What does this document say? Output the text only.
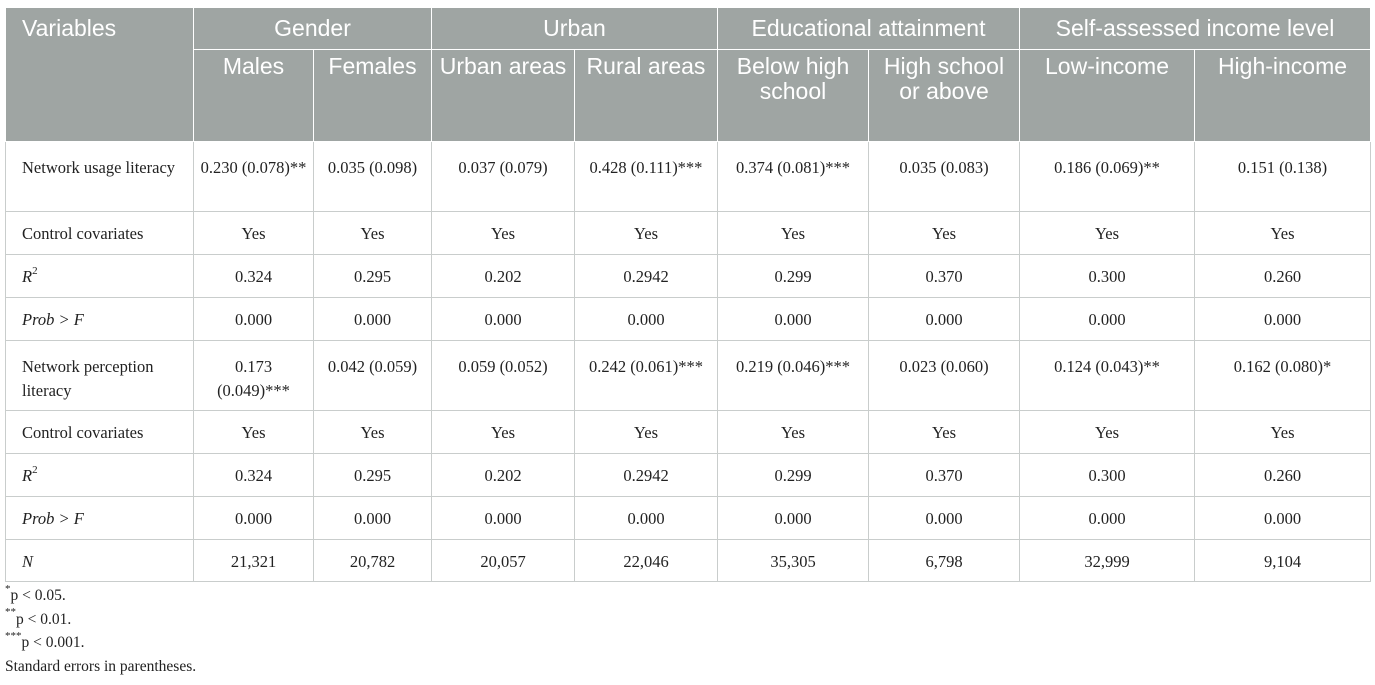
Variables	Gender		Urban		Educational attainment		Self-assessed income level	
	Males	Females	Urban areas	Rural areas	Below high school	High school or above	Low-income	High-income
Network usage literacy	0.230 (0.078)**	0.035 (0.098)	0.037 (0.079)	0.428 (0.111)***	0.374 (0.081)***	0.035 (0.083)	0.186 (0.069)**	0.151 (0.138)
Control covariates	Yes	Yes	Yes	Yes	Yes	Yes	Yes	Yes
$R^2$	0.324	0.295	0.202	0.2942	0.299	0.370	0.300	0.260
Prob > F	0.000	0.000	0.000	0.000	0.000	0.000	0.000	0.000
Network perception literacy	0.173 (0.049)***	0.042 (0.059)	0.059 (0.052)	0.242 (0.061)***	0.219 (0.046)***	0.023 (0.060)	0.124 (0.043)**	0.162 (0.080)*
Control covariates	Yes	Yes	Yes	Yes	Yes	Yes	Yes	Yes
$R^2$	0.324	0.295	0.202	0.2942	0.299	0.370	0.300	0.260
Prob > F	0.000	0.000	0.000	0.000	0.000	0.000	0.000	0.000
N	21,321	20,782	20,057	22,046	35,305	6,798	32,999	9,104
*p < 0.05.
**p < 0.01.
***p < 0.001.
Standard errors in parentheses.
